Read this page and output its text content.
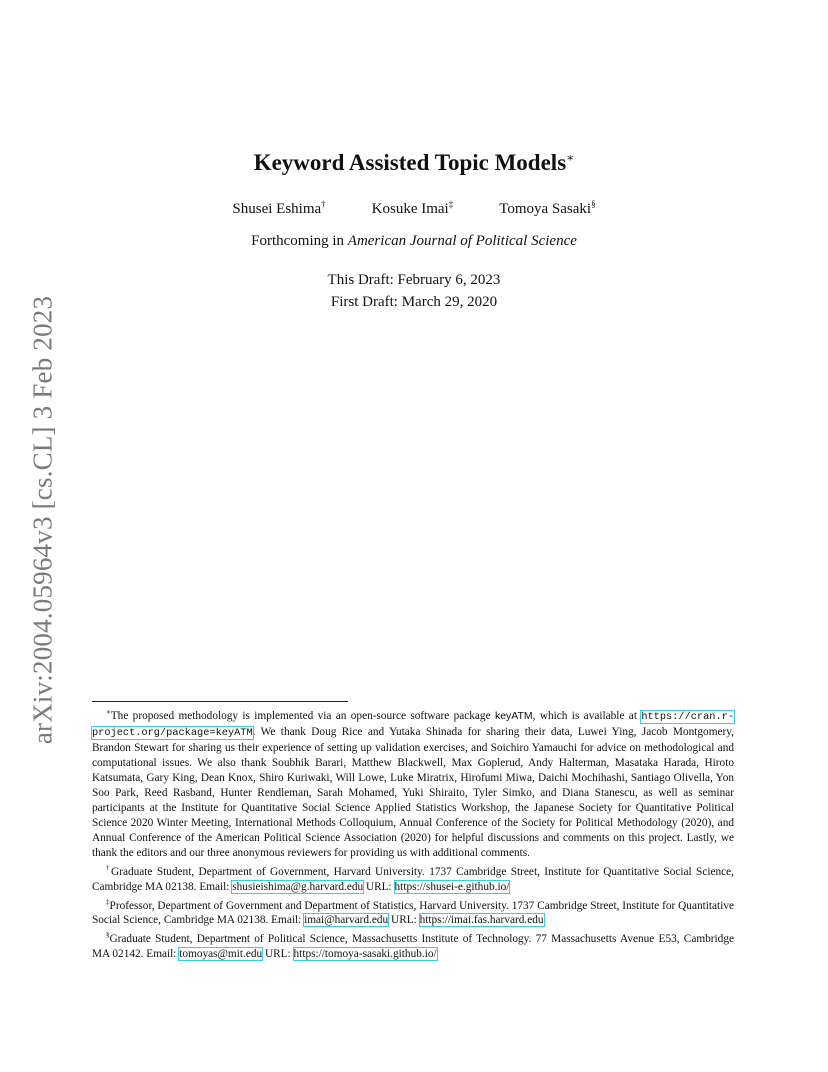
arXiv:2004.05964v3 [cs.CL] 3 Feb 2023
Keyword Assisted Topic Models∗
Shusei Eshima†	Kosuke Imai‡	Tomoya Sasaki§
Forthcoming in American Journal of Political Science
This Draft: February 6, 2023
First Draft: March 29, 2020

∗The proposed methodology is implemented via an open-source software package keyATM, which is available at https://cran.r-project.org/package=keyATM. We thank Doug Rice and Yutaka Shinada for sharing their data, Luwei Ying, Jacob Montgomery, Brandon Stewart for sharing us their experience of setting up validation exercises, and Soichiro Yamauchi for advice on methodological and computational issues. We also thank Soubhik Barari, Matthew Blackwell, Max Goplerud, Andy Halterman, Masataka Harada, Hiroto Katsumata, Gary King, Dean Knox, Shiro Kuriwaki, Will Lowe, Luke Miratrix, Hirofumi Miwa, Daichi Mochihashi, Santiago Olivella, Yon Soo Park, Reed Rasband, Hunter Rendleman, Sarah Mohamed, Yuki Shiraito, Tyler Simko, and Diana Stanescu, as well as seminar participants at the Institute for Quantitative Social Science Applied Statistics Workshop, the Japanese Society for Quantitative Political Science 2020 Winter Meeting, International Methods Colloquium, Annual Conference of the Society for Political Methodology (2020), and Annual Conference of the American Political Science Association (2020) for helpful discussions and comments on this project. Lastly, we thank the editors and our three anonymous reviewers for providing us with additional comments.

†Graduate Student, Department of Government, Harvard University. 1737 Cambridge Street, Institute for Quantitative Social Science, Cambridge MA 02138. Email: shusieishima@g.harvard.edu URL: https://shusei-e.github.io/

‡Professor, Department of Government and Department of Statistics, Harvard University. 1737 Cambridge Street, Institute for Quantitative Social Science, Cambridge MA 02138. Email: imai@harvard.edu URL: https://imai.fas.harvard.edu

§Graduate Student, Department of Political Science, Massachusetts Institute of Technology. 77 Massachusetts Avenue E53, Cambridge MA 02142. Email: tomoyas@mit.edu URL: https://tomoya-sasaki.github.io/
